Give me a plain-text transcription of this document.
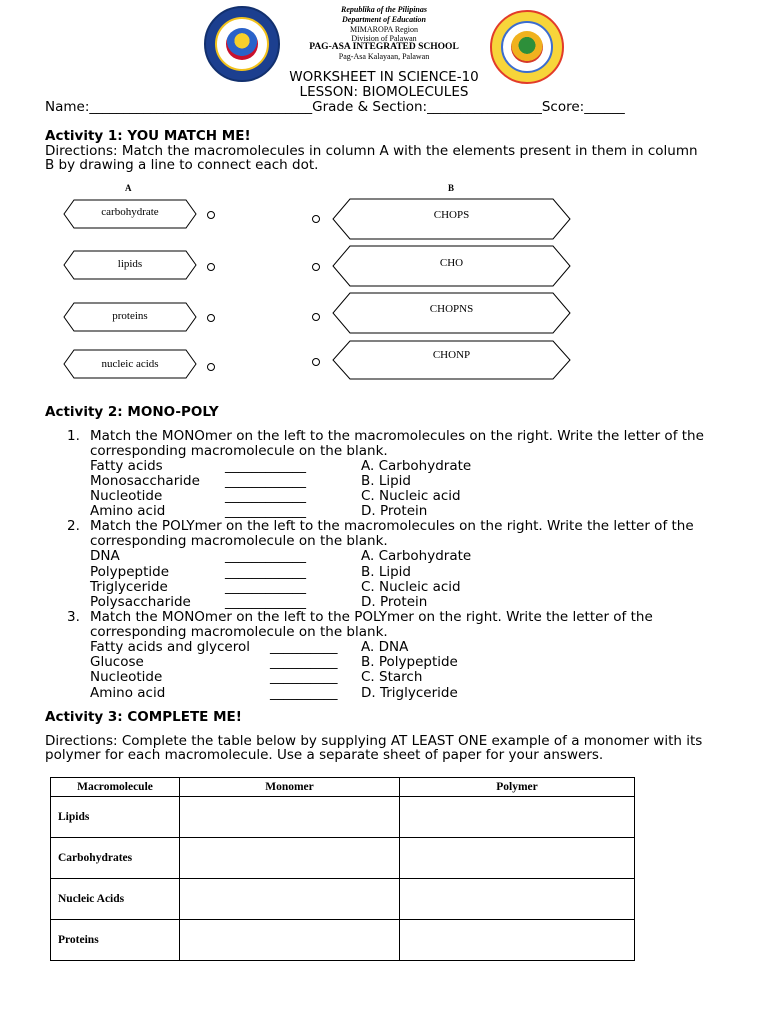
Republika of the Pilipinas
Department of Education
MIMAROPA Region
Division of Palawan
PAG-ASA INTEGRATED SCHOOL
Pag-Asa Kalayaan, Palawan
WORKSHEET IN SCIENCE-10
LESSON: BIOMOLECULES
Name:_________________________________Grade & Section:_________________Score:______
Activity 1: YOU MATCH ME!
Directions: Match the macromolecules in column A with the elements present in them in column
B by drawing a line to connect each dot.
A	B
carbohydrate
lipids
proteins
nucleic acids
CHOPS
CHO
CHOPNS
CHONP
Activity 2: MONO-POLY
1. Match the MONOmer on the left to the macromolecules on the right. Write the letter of the
corresponding macromolecule on the blank.
Fatty acids	____________	A. Carbohydrate
Monosaccharide ____________	B. Lipid
Nucleotide	____________	C. Nucleic acid
Amino acid	____________	D. Protein
2. Match the POLYmer on the left to the macromolecules on the right. Write the letter of the
corresponding macromolecule on the blank.
DNA	____________	A. Carbohydrate
Polypeptide	____________	B. Lipid
Triglyceride	____________	C. Nucleic acid
Polysaccharide	____________	D. Protein
3. Match the MONOmer on the left to the POLYmer on the right. Write the letter of the
corresponding macromolecule on the blank.
Fatty acids and glycerol __________ A. DNA
Glucose	__________ B. Polypeptide
Nucleotide	__________ C. Starch
Amino acid	__________ D. Triglyceride
Activity 3: COMPLETE ME!
Directions: Complete the table below by supplying AT LEAST ONE example of a monomer with its
polymer for each macromolecule. Use a separate sheet of paper for your answers.
Macromolecule	Monomer	Polymer
Lipids		
Carbohydrates		
Nucleic Acids		
Proteins		
